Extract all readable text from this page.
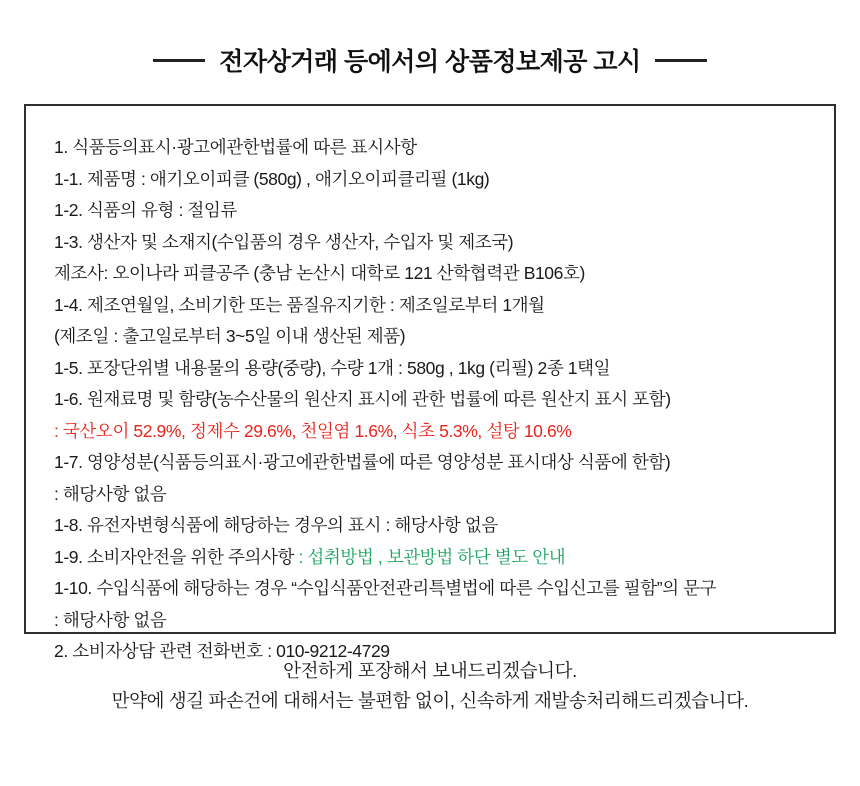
전자상거래 등에서의 상품정보제공 고시
1. 식품등의표시·광고에관한법률에 따른 표시사항
1-1. 제품명 : 애기오이피클 (580g) , 애기오이피클리필 (1kg)
1-2. 식품의 유형 : 절임류
1-3. 생산자 및 소재지(수입품의 경우 생산자, 수입자 및 제조국)
제조사: 오이나라 피클공주 (충남 논산시 대학로 121 산학협력관 B106호)
1-4. 제조연월일, 소비기한 또는 품질유지기한 : 제조일로부터 1개월
(제조일 : 출고일로부터 3~5일 이내 생산된 제품)
1-5. 포장단위별 내용물의 용량(중량), 수량 1개 : 580g , 1kg (리필) 2종 1택일
1-6. 원재료명 및 함량(농수산물의 원산지 표시에 관한 법률에 따른 원산지 표시 포함)
: 국산오이 52.9%, 정제수 29.6%, 천일염 1.6%, 식초 5.3%, 설탕 10.6%
1-7. 영양성분(식품등의표시·광고에관한법률에 따른 영양성분 표시대상 식품에 한함)
: 해당사항 없음
1-8. 유전자변형식품에 해당하는 경우의 표시 : 해당사항 없음
1-9. 소비자안전을 위한 주의사항 : 섭취방법 , 보관방법 하단 별도 안내
1-10. 수입식품에 해당하는 경우 “수입식품안전관리특별법에 따른 수입신고를 필함”의 문구
: 해당사항 없음
2. 소비자상담 관련 전화번호 : 010-9212-4729
안전하게 포장해서 보내드리겠습니다.
만약에 생길 파손건에 대해서는 불편함 없이, 신속하게 재발송처리해드리겠습니다.
